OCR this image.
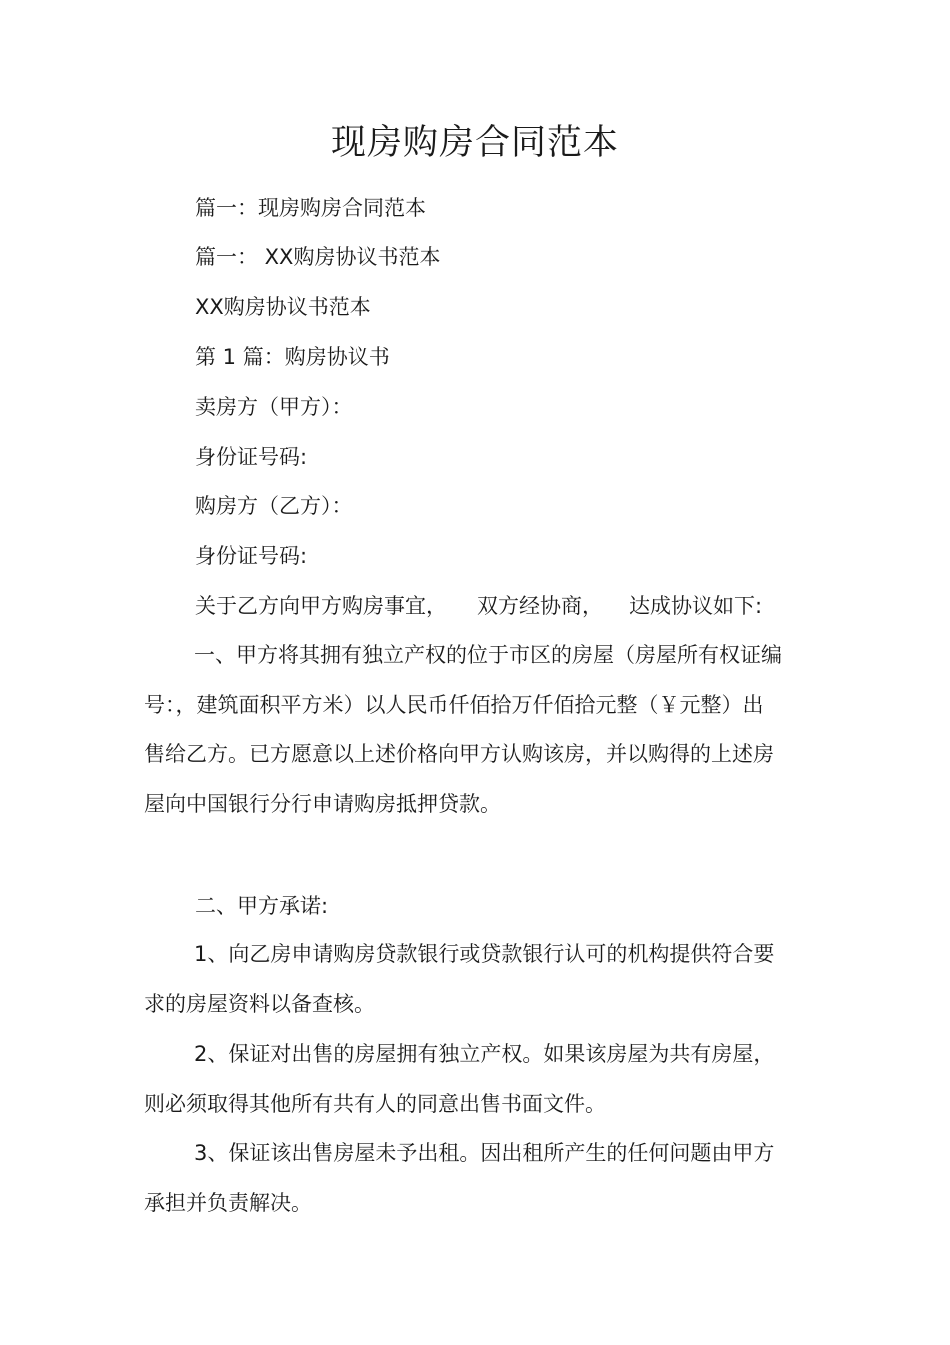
现房购房合同范本
篇一：现房购房合同范本
篇一： XX购房协议书范本
XX购房协议书范本
第 1 篇：购房协议书
卖房方（甲方）：
身份证号码:
购房方（乙方）：
身份证号码:
关于乙方向甲方购房事宜， 双方经协商， 达成协议如下:

一、甲方将其拥有独立产权的位于市区的房屋（房屋所有权证编号：，建筑面积平方米）以人民币仟佰拾万仟佰拾元整（￥元整）出售给乙方。已方愿意以上述价格向甲方认购该房，并以购得的上述房屋向中国银行分行申请购房抵押贷款。

二、甲方承诺:

1、向乙房申请购房贷款银行或贷款银行认可的机构提供符合要求的房屋资料以备查核。

2、保证对出售的房屋拥有独立产权。如果该房屋为共有房屋，则必须取得其他所有共有人的同意出售书面文件。

3、保证该出售房屋未予出租。因出租所产生的任何问题由甲方承担并负责解决。
